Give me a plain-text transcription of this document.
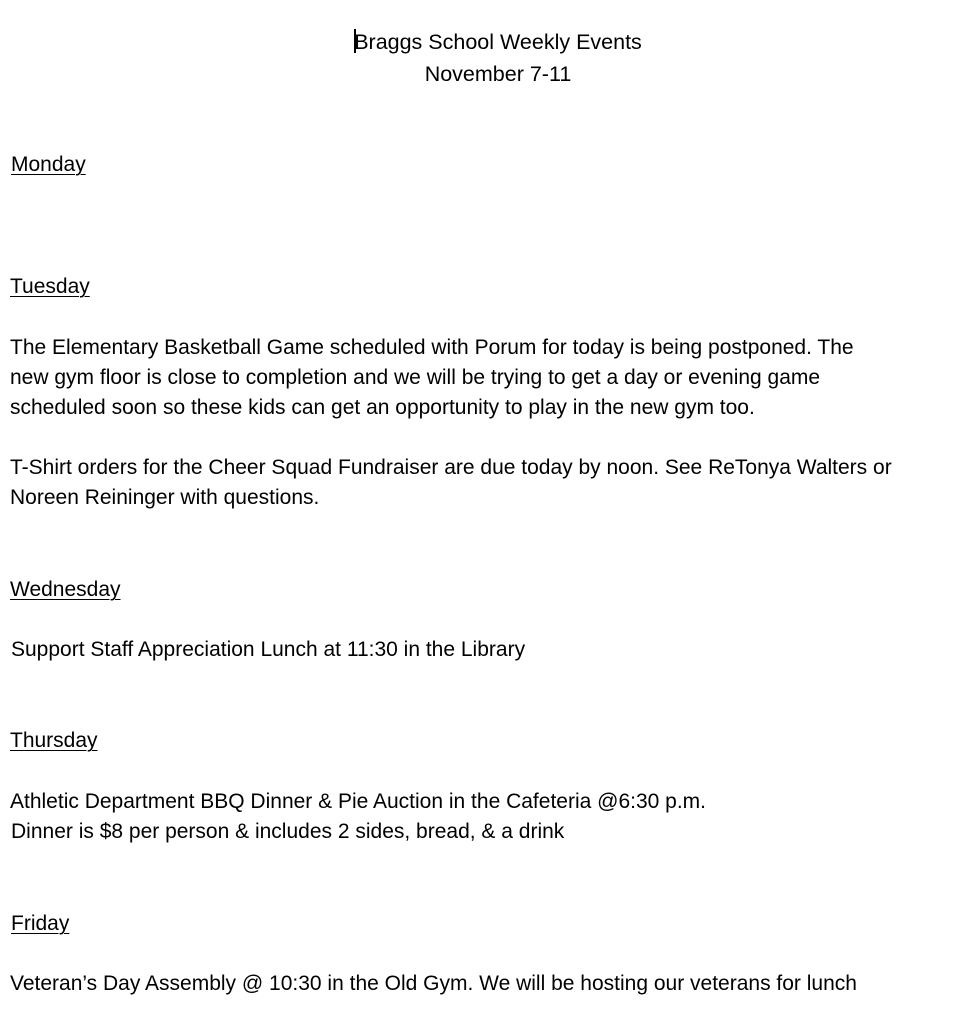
Braggs School Weekly Events
November 7-11
Monday
Tuesday
The Elementary Basketball Game scheduled with Porum for today is being postponed. The
new gym floor is close to completion and we will be trying to get a day or evening game
scheduled soon so these kids can get an opportunity to play in the new gym too.
T-Shirt orders for the Cheer Squad Fundraiser are due today by noon. See ReTonya Walters or
Noreen Reininger with questions.
Wednesday
Support Staff Appreciation Lunch at 11:30 in the Library
Thursday
Athletic Department BBQ Dinner & Pie Auction in the Cafeteria @6:30 p.m.
Dinner is $8 per person & includes 2 sides, bread, & a drink
Friday
Veteran’s Day Assembly @ 10:30 in the Old Gym. We will be hosting our veterans for lunch
